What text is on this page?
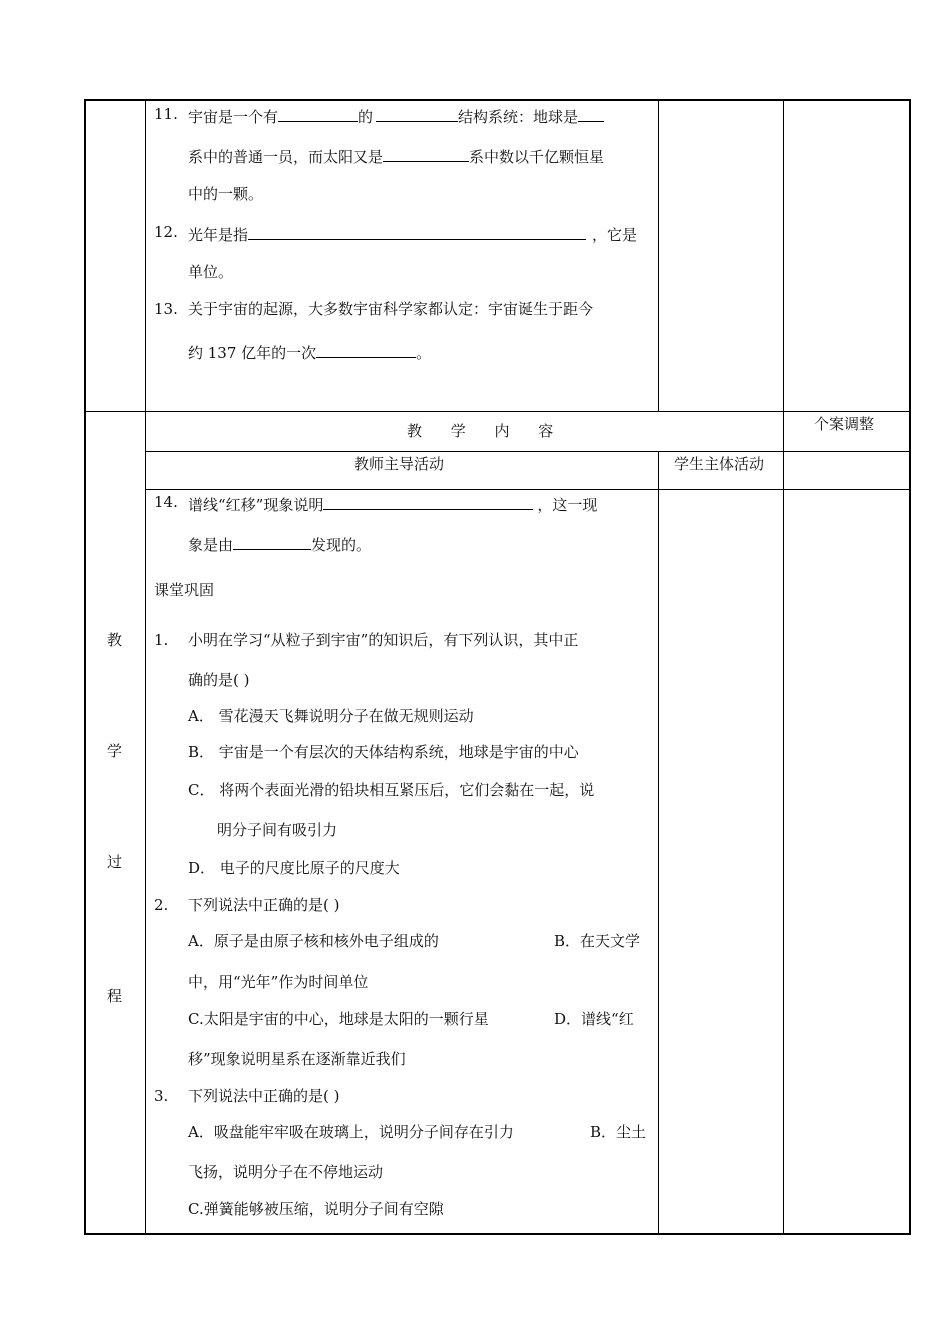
11. 宇宙是一个有	的	结构系统：地球是
系中的普通一员，而太阳又是	系中数以千亿颗恒星
中的一颗。
12. 光年是指	，它是
单位。
13. 关于宇宙的起源，大多数宇宙科学家都认定：宇宙诞生于距今
约 137 亿年的一次	。
教 学 内 容	个案调整
教师主导活动	学生主体活动
教
学
过
程
14. 谱线“红移”现象说明	，这一现
象是由	发现的。
课堂巩固
1. 小明在学习“从粒子到宇宙”的知识后，有下列认识，其中正
确的是( )
A． 雪花漫天飞舞说明分子在做无规则运动
B． 宇宙是一个有层次的天体结构系统，地球是宇宙的中心
C． 将两个表面光滑的铅块相互紧压后，它们会黏在一起，说
明分子间有吸引力
D． 电子的尺度比原子的尺度大
2. 下列说法中正确的是( )
A．原子是由原子核和核外电子组成的	B．在天文学
中，用“光年”作为时间单位
C.太阳是宇宙的中心，地球是太阳的一颗行星	D．谱线“红
移”现象说明星系在逐渐靠近我们
3. 下列说法中正确的是( )
A．吸盘能牢牢吸在玻璃上，说明分子间存在引力	B．尘土
飞扬，说明分子在不停地运动
C.弹簧能够被压缩，说明分子间有空隙
